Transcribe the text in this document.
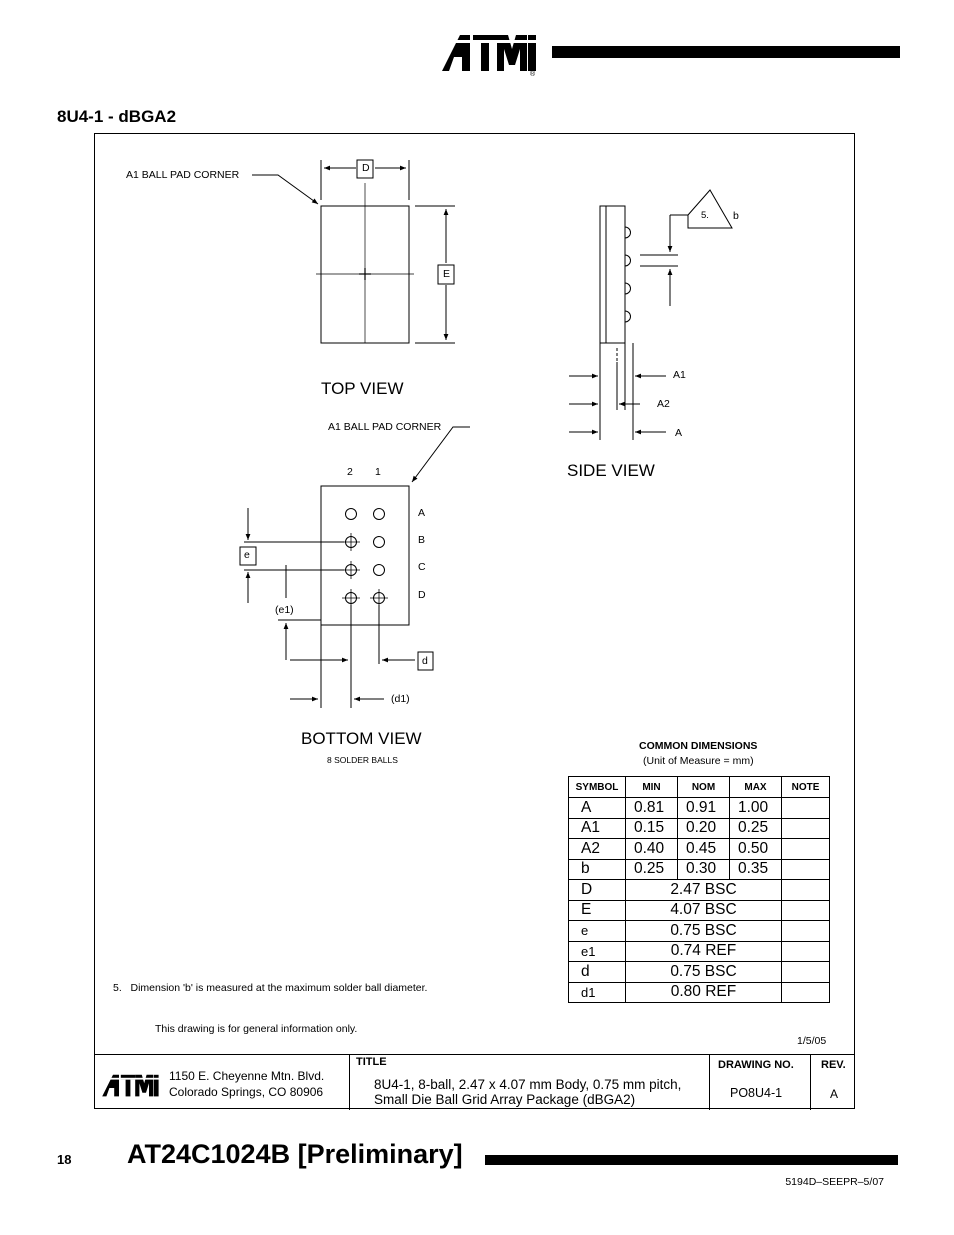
®
8U4-1 - dBGA2
A1 BALL PAD CORNER
D
E
TOP VIEW
5. b
A1
A2
A
SIDE VIEW
A1 BALL PAD CORNER
2 1
A
B
C
D
e
(e1)
d
(d1)
BOTTOM VIEW
8 SOLDER BALLS
COMMON DIMENSIONS
(Unit of Measure = mm)
SYMBOL	MIN	NOM	MAX	NOTE
A	0.81	0.91	1.00	
A1	0.15	0.20	0.25	
A2	0.40	0.45	0.50	
b	0.25	0.30	0.35	
D	2.47 BSC			
E	4.07 BSC			
e	0.75 BSC			
e1	0.74 REF			
d	0.75 BSC			
d1	0.80 REF			
5.   Dimension 'b' is measured at the maximum solder ball diameter.
This drawing is for general information only.
1/5/05
1150 E. Cheyenne Mtn. Blvd.
Colorado Springs, CO 80906
TITLE
8U4-1, 8-ball, 2.47 x 4.07 mm Body, 0.75 mm pitch,
Small Die Ball Grid Array Package (dBGA2)
DRAWING NO.
PO8U4-1
REV.
A
18 AT24C1024B [Preliminary]
5194D–SEEPR–5/07
